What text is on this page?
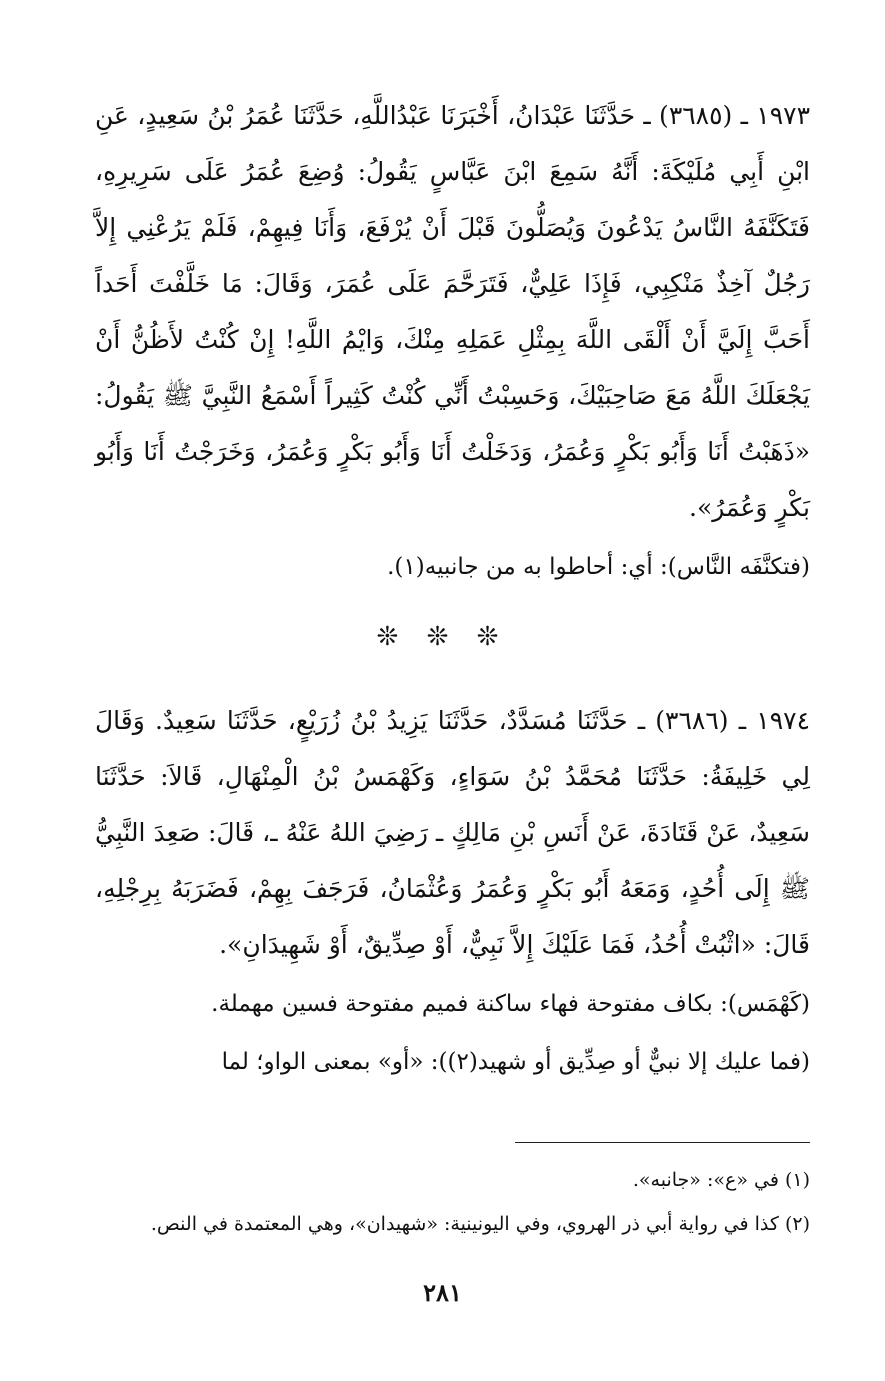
١٩٧٣ ـ (٣٦٨٥) ـ حَدَّثَنَا عَبْدَانُ، أَخْبَرَنَا عَبْدُاللَّهِ، حَدَّثَنَا عُمَرُ بْنُ سَعِيدٍ، عَنِ ابْنِ أَبِي مُلَيْكَةَ: أَنَّهُ سَمِعَ ابْنَ عَبَّاسٍ يَقُولُ: وُضِعَ عُمَرُ عَلَى سَرِيرِهِ، فَتَكَنَّفَهُ النَّاسُ يَدْعُونَ وَيُصَلُّونَ قَبْلَ أَنْ يُرْفَعَ، وَأَنَا فِيهِمْ، فَلَمْ يَرُعْنِي إِلاَّ رَجُلٌ آخِذٌ مَنْكِبِي، فَإِذَا عَلِيٌّ، فَتَرَحَّمَ عَلَى عُمَرَ، وَقَالَ: مَا خَلَّفْتَ أَحَداً أَحَبَّ إِلَيَّ أَنْ أَلْقَى اللَّهَ بِمِثْلِ عَمَلِهِ مِنْكَ، وَايْمُ اللَّهِ! إِنْ كُنْتُ لأَظُنُّ أَنْ يَجْعَلَكَ اللَّهُ مَعَ صَاحِبَيْكَ، وَحَسِبْتُ أَنِّي كُنْتُ كَثِيراً أَسْمَعُ النَّبِيَّ ﷺ يَقُولُ: «ذَهَبْتُ أَنَا وَأَبُو بَكْرٍ وَعُمَرُ، وَدَخَلْتُ أَنَا وَأَبُو بَكْرٍ وَعُمَرُ، وَخَرَجْتُ أَنَا وَأَبُو بَكْرٍ وَعُمَرُ».

(فتكنَّفَه النَّاس): أي: أحاطوا به من جانبيه(١).

❊ ❊ ❊

١٩٧٤ ـ (٣٦٨٦) ـ حَدَّثَنَا مُسَدَّدٌ، حَدَّثَنَا يَزِيدُ بْنُ زُرَيْعٍ، حَدَّثَنَا سَعِيدٌ. وَقَالَ لِي خَلِيفَةُ: حَدَّثَنَا مُحَمَّدُ بْنُ سَوَاءٍ، وَكَهْمَسُ بْنُ الْمِنْهَالِ، قَالاَ: حَدَّثَنَا سَعِيدٌ، عَنْ قَتَادَةَ، عَنْ أَنَسِ بْنِ مَالِكٍ ـ رَضِيَ اللهُ عَنْهُ ـ، قَالَ: صَعِدَ النَّبِيُّ ﷺ إِلَى أُحُدٍ، وَمَعَهُ أَبُو بَكْرٍ وَعُمَرُ وَعُثْمَانُ، فَرَجَفَ بِهِمْ، فَضَرَبَهُ بِرِجْلِهِ، قَالَ: «اثْبُتْ أُحُدُ، فَمَا عَلَيْكَ إِلاَّ نَبِيٌّ، أَوْ صِدِّيقٌ، أَوْ شَهِيدَانِ».

(كَهْمَس): بكاف مفتوحة فهاء ساكنة فميم مفتوحة فسين مهملة.

(فما عليك إلا نبيٌّ أو صِدِّيق أو شهيد(٢)): «أو» بمعنى الواو؛ لما

(١) في «ع»: «جانبه».

(٢) كذا في رواية أبي ذر الهروي، وفي اليونينية: «شهيدان»، وهي المعتمدة في النص.

٢٨١
